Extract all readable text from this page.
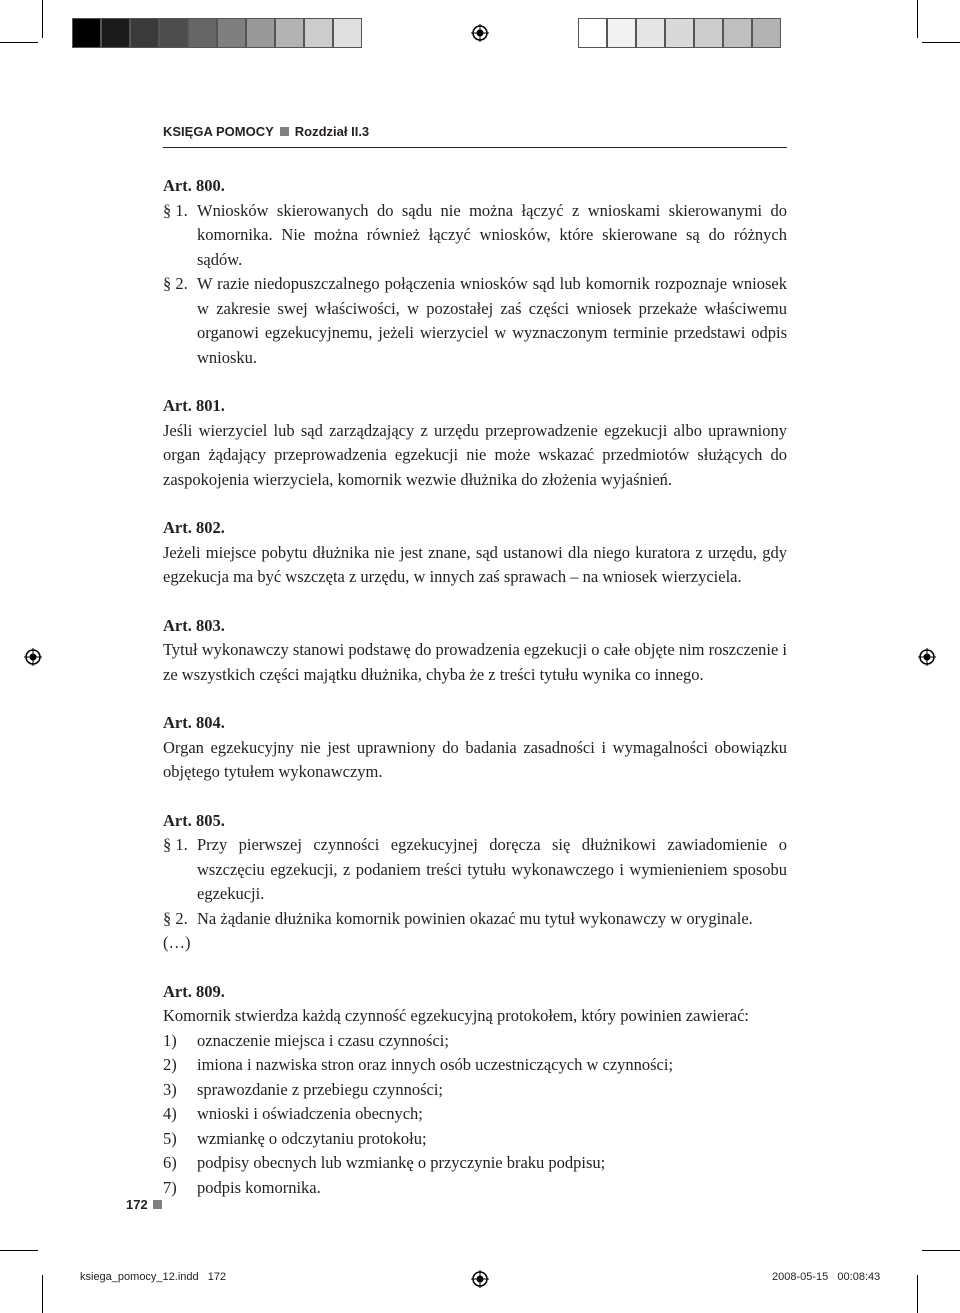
KSIĘGA POMOCY Rozdział II.3
Art. 800.
§ 1. Wniosków skierowanych do sądu nie można łączyć z wnioskami skierowanymi do komornika. Nie można również łączyć wniosków, które skierowane są do różnych sądów.
§ 2. W razie niedopuszczalnego połączenia wniosków sąd lub komornik rozpoznaje wniosek w zakresie swej właściwości, w pozostałej zaś części wniosek przekaże właściwemu organowi egzekucyjnemu, jeżeli wierzyciel w wyznaczonym terminie przedstawi odpis wniosku.
Art. 801.
Jeśli wierzyciel lub sąd zarządzający z urzędu przeprowadzenie egzekucji albo uprawniony organ żądający przeprowadzenia egzekucji nie może wskazać przedmiotów służących do zaspokojenia wierzyciela, komornik wezwie dłużnika do złożenia wyjaśnień.
Art. 802.
Jeżeli miejsce pobytu dłużnika nie jest znane, sąd ustanowi dla niego kuratora z urzędu, gdy egzekucja ma być wszczęta z urzędu, w innych zaś sprawach – na wniosek wierzyciela.
Art. 803.
Tytuł wykonawczy stanowi podstawę do prowadzenia egzekucji o całe objęte nim roszczenie i ze wszystkich części majątku dłużnika, chyba że z treści tytułu wynika co innego.
Art. 804.
Organ egzekucyjny nie jest uprawniony do badania zasadności i wymagalności obowiązku objętego tytułem wykonawczym.
Art. 805.
§ 1. Przy pierwszej czynności egzekucyjnej doręcza się dłużnikowi zawiadomienie o wszczęciu egzekucji, z podaniem treści tytułu wykonawczego i wymienieniem sposobu egzekucji.
§ 2. Na żądanie dłużnika komornik powinien okazać mu tytuł wykonawczy w oryginale.
(…)
Art. 809.
Komornik stwierdza każdą czynność egzekucyjną protokołem, który powinien zawierać:
1)	oznaczenie miejsca i czasu czynności;
2)	imiona i nazwiska stron oraz innych osób uczestniczących w czynności;
3)	sprawozdanie z przebiegu czynności;
4)	wnioski i oświadczenia obecnych;
5)	wzmiankę o odczytaniu protokołu;
6)	podpisy obecnych lub wzmiankę o przyczynie braku podpisu;
7)	podpis komornika.
172
ksiega_pomocy_12.indd   172	2008-05-15   00:08:43
